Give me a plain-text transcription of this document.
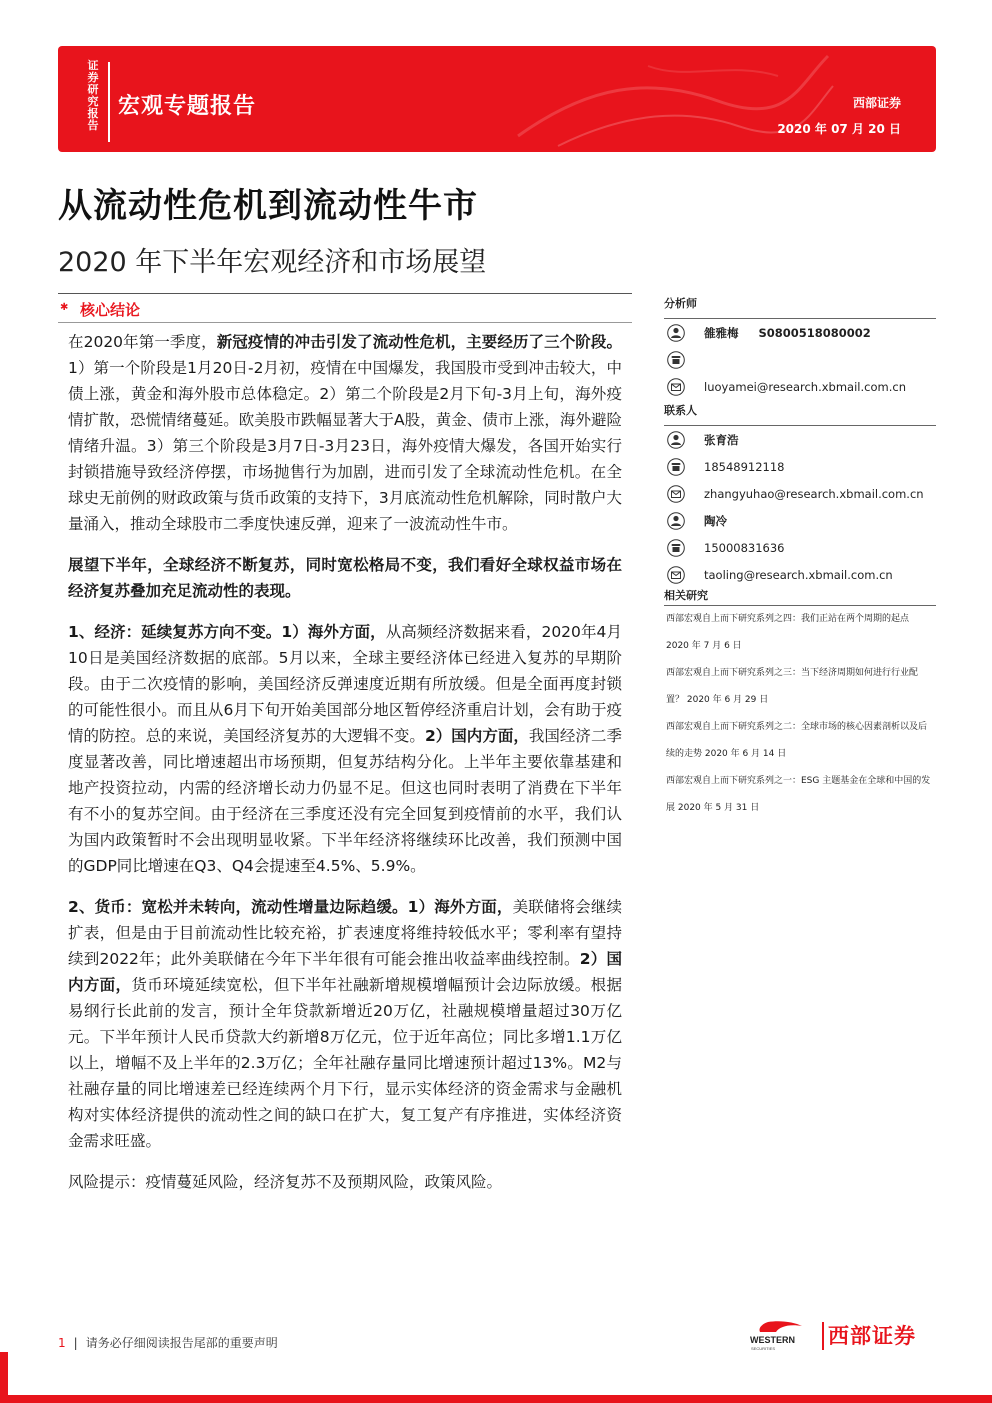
证券研究报告
宏观专题报告	西部证券
2020 年 07 月 20 日
从流动性危机到流动性牛市
2020 年下半年宏观经济和市场展望
✱ 核心结论

在2020年第一季度，新冠疫情的冲击引发了流动性危机，主要经历了三个阶段。1）第一个阶段是1月20日-2月初，疫情在中国爆发，我国股市受到冲击较大，中债上涨，黄金和海外股市总体稳定。2）第二个阶段是2月下旬-3月上旬，海外疫情扩散，恐慌情绪蔓延。欧美股市跌幅显著大于A股，黄金、债市上涨，海外避险情绪升温。3）第三个阶段是3月7日-3月23日，海外疫情大爆发，各国开始实行封锁措施导致经济停摆，市场抛售行为加剧，进而引发了全球流动性危机。在全球史无前例的财政政策与货币政策的支持下，3月底流动性危机解除，同时散户大量涌入，推动全球股市二季度快速反弹，迎来了一波流动性牛市。

展望下半年，全球经济不断复苏，同时宽松格局不变，我们看好全球权益市场在经济复苏叠加充足流动性的表现。

1、经济：延续复苏方向不变。1）海外方面，从高频经济数据来看，2020年4月10日是美国经济数据的底部。5月以来，全球主要经济体已经进入复苏的早期阶段。由于二次疫情的影响，美国经济反弹速度近期有所放缓。但是全面再度封锁的可能性很小。而且从6月下旬开始美国部分地区暂停经济重启计划，会有助于疫情的防控。总的来说，美国经济复苏的大逻辑不变。2）国内方面，我国经济二季度显著改善，同比增速超出市场预期，但复苏结构分化。上半年主要依靠基建和地产投资拉动，内需的经济增长动力仍显不足。但这也同时表明了消费在下半年有不小的复苏空间。由于经济在三季度还没有完全回复到疫情前的水平，我们认为国内政策暂时不会出现明显收紧。下半年经济将继续环比改善，我们预测中国的GDP同比增速在Q3、Q4会提速至4.5%、5.9%。

2、货币：宽松并未转向，流动性增量边际趋缓。1）海外方面，美联储将会继续扩表，但是由于目前流动性比较充裕，扩表速度将维持较低水平；零利率有望持续到2022年；此外美联储在今年下半年很有可能会推出收益率曲线控制。2）国内方面，货币环境延续宽松，但下半年社融新增规模增幅预计会边际放缓。根据易纲行长此前的发言，预计全年贷款新增近20万亿，社融规模增量超过30万亿元。下半年预计人民币贷款大约新增8万亿元，位于近年高位；同比多增1.1万亿以上，增幅不及上半年的2.3万亿；全年社融存量同比增速预计超过13%。M2与社融存量的同比增速差已经连续两个月下行，显示实体经济的资金需求与金融机构对实体经济提供的流动性之间的缺口在扩大，复工复产有序推进，实体经济资金需求旺盛。

风险提示：疫情蔓延风险，经济复苏不及预期风险，政策风险。

分析师
雒雅梅 S0800518080002
luoyamei@research.xbmail.com.cn
联系人
张育浩
18548912118
zhangyuhao@research.xbmail.com.cn
陶冷
15000831636
taoling@research.xbmail.com.cn
相关研究
西部宏观自上而下研究系列之四：我们正站在两个周期的起点
2020 年 7 月 6 日
西部宏观自上而下研究系列之三：当下经济周期如何进行行业配
置？ 2020 年 6 月 29 日
西部宏观自上而下研究系列之二：全球市场的核心因素剖析以及后
续的走势 2020 年 6 月 14 日
西部宏观自上而下研究系列之一：ESG 主题基金在全球和中国的发
展 2020 年 5 月 31 日
1 | 请务必仔细阅读报告尾部的重要声明	WESTERN
SECURITIES
西部证券
